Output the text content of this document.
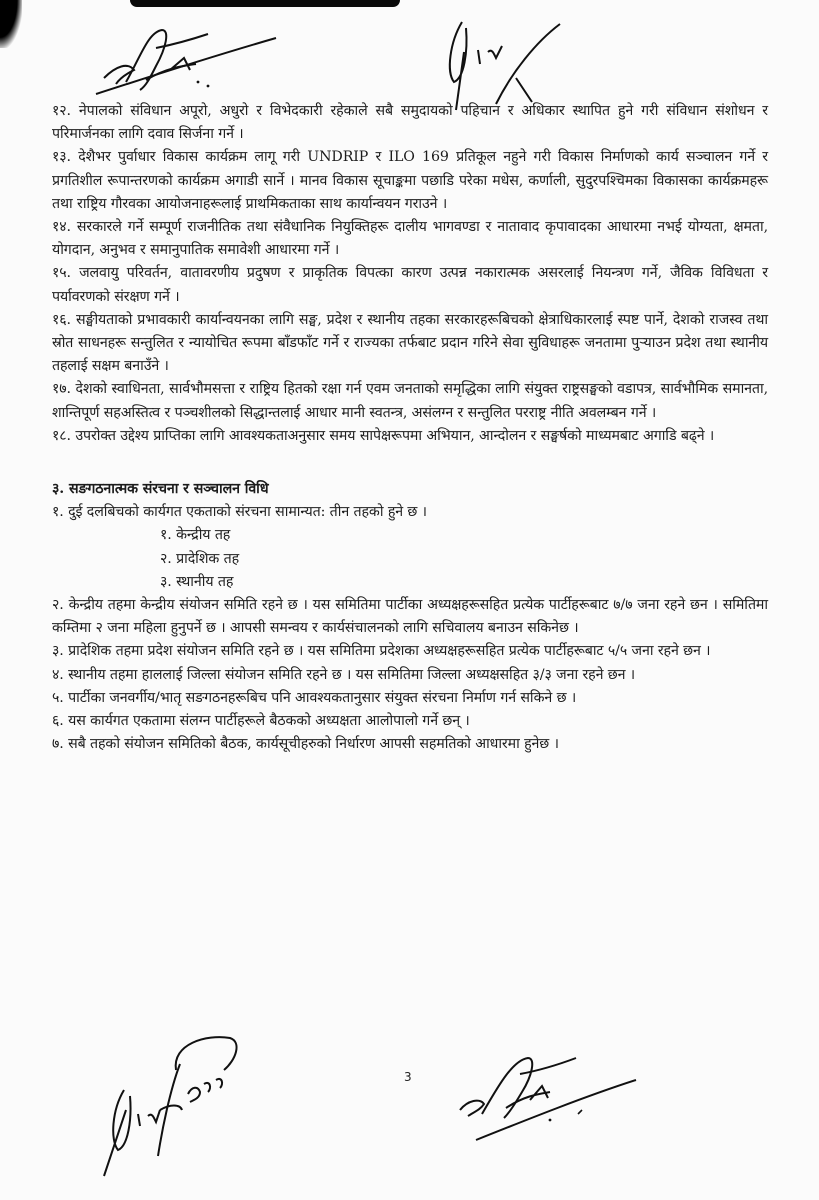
१२. नेपालको संविधान अपूरो, अधुरो र विभेदकारी रहेकाले सबै समुदायको पहिचान र अधिकार स्थापित हुने गरी संविधान संशोधन र परिमार्जनका लागि दवाव सिर्जना गर्ने ।

१३. देशैभर पुर्वाधार विकास कार्यक्रम लागू गरी UNDRIP र ILO 169 प्रतिकूल नहुने गरी विकास निर्माणको कार्य सञ्चालन गर्ने र प्रगतिशील रूपान्तरणको कार्यक्रम अगाडी सार्ने । मानव विकास सूचाङ्कमा पछाडि परेका मधेस, कर्णाली, सुदुरपश्चिमका विकासका कार्यक्रमहरू तथा राष्ट्रिय गौरवका आयोजनाहरूलाई प्राथमिकताका साथ कार्यान्वयन गराउने ।

१४. सरकारले गर्ने सम्पूर्ण राजनीतिक तथा संवैधानिक नियुक्तिहरू दालीय भागवण्डा र नातावाद कृपावादका आधारमा नभई योग्यता, क्षमता, योगदान, अनुभव र समानुपातिक समावेशी आधारमा गर्ने ।

१५. जलवायु परिवर्तन, वातावरणीय प्रदुषण र प्राकृतिक विपत्का कारण उत्पन्न नकारात्मक असरलाई नियन्त्रण गर्ने, जैविक विविधता र पर्यावरणको संरक्षण गर्ने ।

१६. सङ्घीयताको प्रभावकारी कार्यान्वयनका लागि सङ्घ, प्रदेश र स्थानीय तहका सरकारहरूबिचको क्षेत्राधिकारलाई स्पष्ट पार्ने, देशको राजस्व तथा स्रोत साधनहरू सन्तुलित र न्यायोचित रूपमा बाँडफाँट गर्ने र राज्यका तर्फबाट प्रदान गरिने सेवा सुविधाहरू जनतामा पुऱ्याउन प्रदेश तथा स्थानीय तहलाई सक्षम बनाउँने ।

१७. देशको स्वाधिनता, सार्वभौमसत्ता र राष्ट्रिय हितको रक्षा गर्न एवम जनताको समृद्धिका लागि संयुक्त राष्ट्रसङ्घको वडापत्र, सार्वभौमिक समानता, शान्तिपूर्ण सहअस्तित्व र पञ्चशीलको सिद्धान्तलाई आधार मानी स्वतन्त्र, असंलग्न र सन्तुलित परराष्ट्र नीति अवलम्बन गर्ने ।

१८. उपरोक्त उद्देश्य प्राप्तिका लागि आवश्यकताअनुसार समय सापेक्षरूपमा अभियान, आन्दोलन र सङ्घर्षको माध्यमबाट अगाडि बढ्ने ।

३. सङगठनात्मक संरचना र सञ्चालन विधि

१. दुई दलबिचको कार्यगत एकताको संरचना सामान्यत: तीन तहको हुने छ ।

१. केन्द्रीय तह

२. प्रादेशिक तह

३. स्थानीय तह

२. केन्द्रीय तहमा केन्द्रीय संयोजन समिति रहने छ । यस समितिमा पार्टीका अध्यक्षहरूसहित प्रत्येक पार्टीहरूबाट ७/७ जना रहने छन । समितिमा कम्तिमा २ जना महिला हुनुपर्ने छ । आपसी समन्वय र कार्यसंचालनको लागि सचिवालय बनाउन सकिनेछ ।

३. प्रादेशिक तहमा प्रदेश संयोजन समिति रहने छ । यस समितिमा प्रदेशका अध्यक्षहरूसहित प्रत्येक पार्टीहरूबाट ५/५ जना रहने छन ।

४. स्थानीय तहमा हाललाई जिल्ला संयोजन समिति रहने छ । यस समितिमा जिल्ला अध्यक्षसहित ३/३ जना रहने छन ।

५. पार्टीका जनवर्गीय/भातृ सङगठनहरूबिच पनि आवश्यकतानुसार संयुक्त संरचना निर्माण गर्न सकिने छ ।

६. यस कार्यगत एकतामा संलग्न पार्टीहरूले बैठकको अध्यक्षता आलोपालो गर्ने छन् ।

७. सबै तहको संयोजन समितिको बैठक, कार्यसूचीहरुको निर्धारण आपसी सहमतिको आधारमा हुनेछ ।

3
